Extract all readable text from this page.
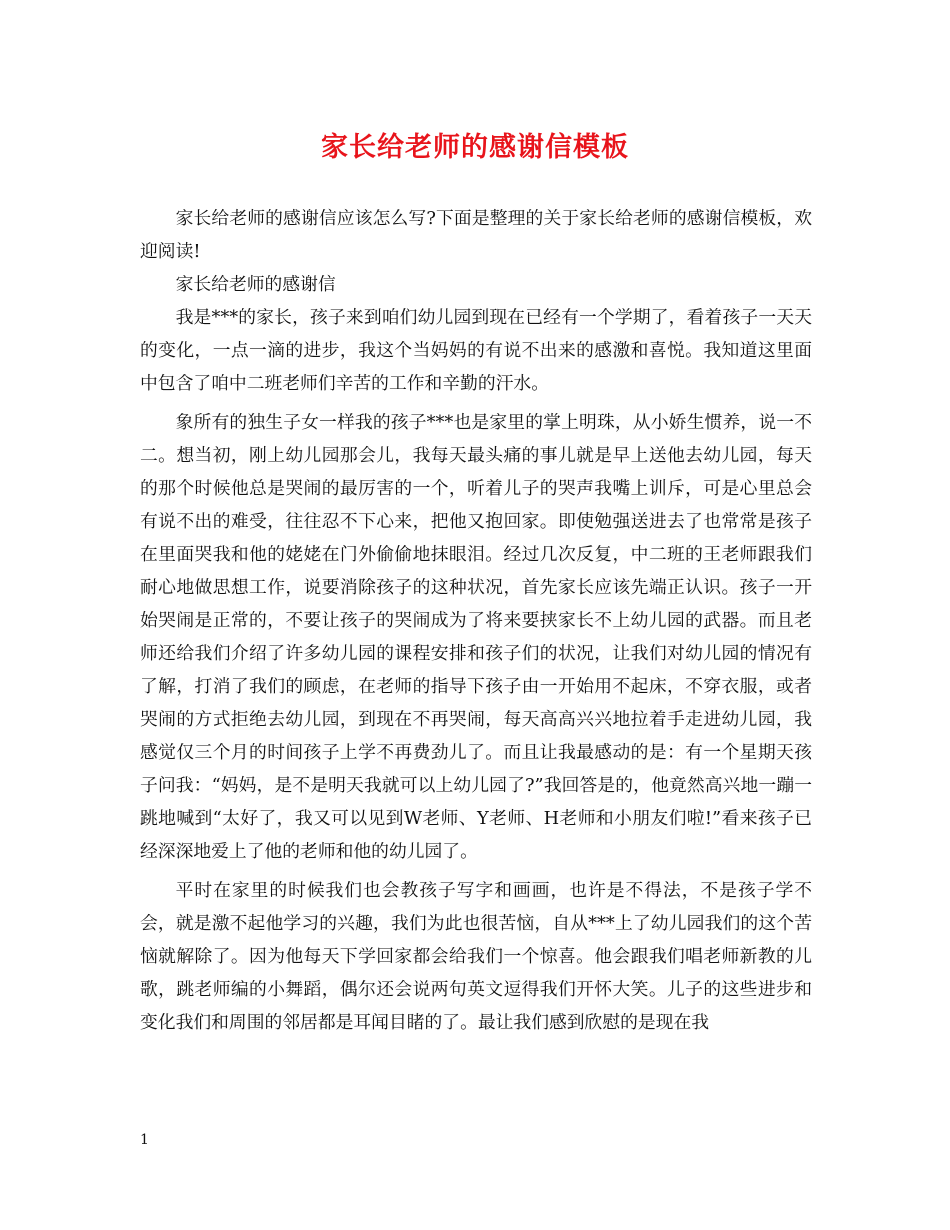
家长给老师的感谢信模板

家长给老师的感谢信应该怎么写?下面是整理的关于家长给老师的感谢信模板，欢迎阅读!

家长给老师的感谢信

我是***的家长，孩子来到咱们幼儿园到现在已经有一个学期了，看着孩子一天天的变化，一点一滴的进步，我这个当妈妈的有说不出来的感激和喜悦。我知道这里面中包含了咱中二班老师们辛苦的工作和辛勤的汗水。

象所有的独生子女一样我的孩子***也是家里的掌上明珠，从小娇生惯养，说一不二。想当初，刚上幼儿园那会儿，我每天最头痛的事儿就是早上送他去幼儿园，每天的那个时候他总是哭闹的最厉害的一个，听着儿子的哭声我嘴上训斥，可是心里总会有说不出的难受，往往忍不下心来，把他又抱回家。即使勉强送进去了也常常是孩子在里面哭我和他的姥姥在门外偷偷地抹眼泪。经过几次反复，中二班的王老师跟我们耐心地做思想工作，说要消除孩子的这种状况，首先家长应该先端正认识。孩子一开始哭闹是正常的，不要让孩子的哭闹成为了将来要挟家长不上幼儿园的武器。而且老师还给我们介绍了许多幼儿园的课程安排和孩子们的状况，让我们对幼儿园的情况有了解，打消了我们的顾虑，在老师的指导下孩子由一开始用不起床，不穿衣服，或者哭闹的方式拒绝去幼儿园，到现在不再哭闹，每天高高兴兴地拉着手走进幼儿园，我感觉仅三个月的时间孩子上学不再费劲儿了。而且让我最感动的是：有一个星期天孩子问我：“妈妈，是不是明天我就可以上幼儿园了?”我回答是的，他竟然高兴地一蹦一跳地喊到“太好了，我又可以见到W老师、Y老师、H老师和小朋友们啦!”看来孩子已经深深地爱上了他的老师和他的幼儿园了。

平时在家里的时候我们也会教孩子写字和画画，也许是不得法，不是孩子学不会，就是激不起他学习的兴趣，我们为此也很苦恼，自从***上了幼儿园我们的这个苦恼就解除了。因为他每天下学回家都会给我们一个惊喜。他会跟我们唱老师新教的儿歌，跳老师编的小舞蹈，偶尔还会说两句英文逗得我们开怀大笑。儿子的这些进步和变化我们和周围的邻居都是耳闻目睹的了。最让我们感到欣慰的是现在我

1
